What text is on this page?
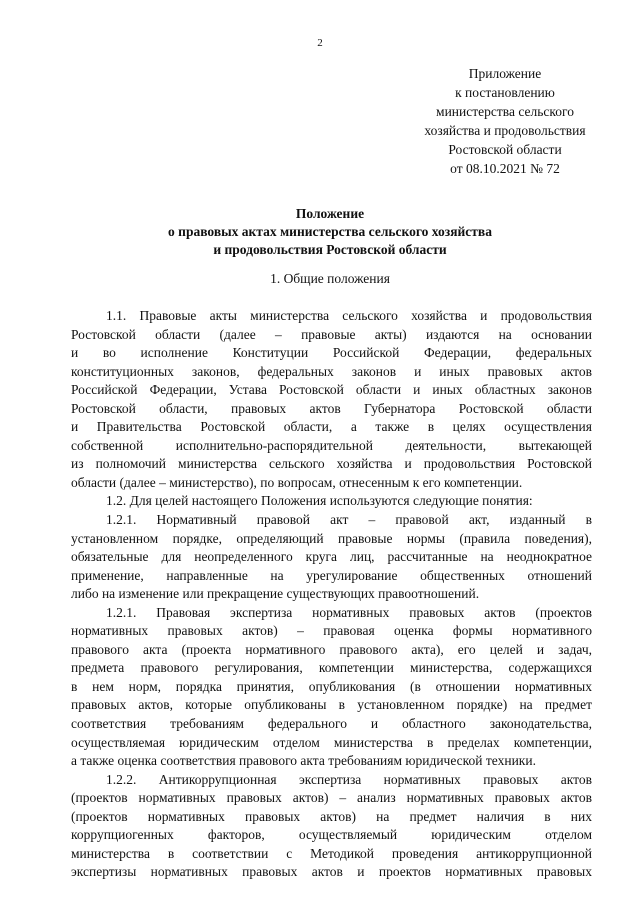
2
Приложение
к постановлению
министерства сельского
хозяйства и продовольствия
Ростовской области
от 08.10.2021 № 72
Положение
о правовых актах министерства сельского хозяйства
и продовольствия Ростовской области
1. Общие положения
1.1. Правовые акты министерства сельского хозяйства и продовольствия
Ростовской области (далее – правовые акты) издаются на основании
и во исполнение Конституции Российской Федерации, федеральных
конституционных законов, федеральных законов и иных правовых актов
Российской Федерации, Устава Ростовской области и иных областных законов
Ростовской области, правовых актов Губернатора Ростовской области
и Правительства Ростовской области, а также в целях осуществления
собственной исполнительно-распорядительной деятельности, вытекающей
из полномочий министерства сельского хозяйства и продовольствия Ростовской
области (далее – министерство), по вопросам, отнесенным к его компетенции.
1.2. Для целей настоящего Положения используются следующие понятия:
1.2.1. Нормативный правовой акт – правовой акт, изданный в
установленном порядке, определяющий правовые нормы (правила поведения),
обязательные для неопределенного круга лиц, рассчитанные на неоднократное
применение, направленные на урегулирование общественных отношений
либо на изменение или прекращение существующих правоотношений.
1.2.1. Правовая экспертиза нормативных правовых актов (проектов
нормативных правовых актов) – правовая оценка формы нормативного
правового акта (проекта нормативного правового акта), его целей и задач,
предмета правового регулирования, компетенции министерства, содержащихся
в нем норм, порядка принятия, опубликования (в отношении нормативных
правовых актов, которые опубликованы в установленном порядке) на предмет
соответствия требованиям федерального и областного законодательства,
осуществляемая юридическим отделом министерства в пределах компетенции,
а также оценка соответствия правового акта требованиям юридической техники.
1.2.2. Антикоррупционная экспертиза нормативных правовых актов
(проектов нормативных правовых актов) – анализ нормативных правовых актов
(проектов нормативных правовых актов) на предмет наличия в них
коррупциогенных факторов, осуществляемый юридическим отделом
министерства в соответствии с Методикой проведения антикоррупционной
экспертизы нормативных правовых актов и проектов нормативных правовых
